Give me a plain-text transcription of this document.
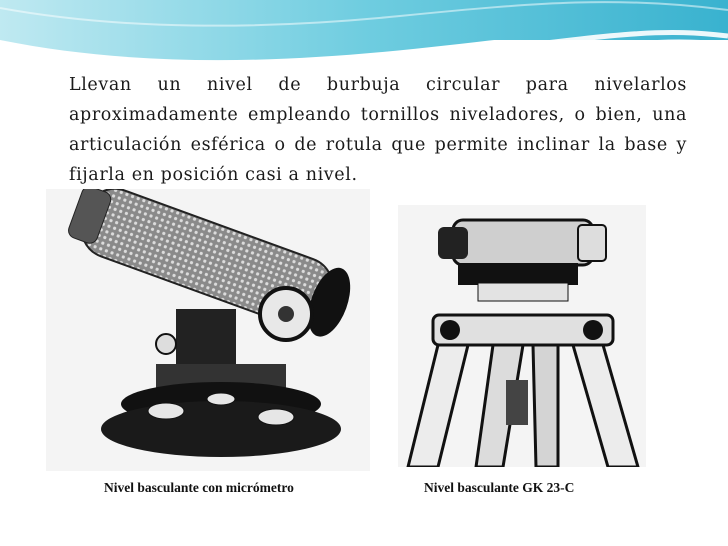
Llevan un nivel de burbuja circular para nivelarlos aproximadamente empleando tornillos niveladores, o bien, una articulación esférica o de rotula que permite inclinar la base y fijarla en posición casi a nivel.

Nivel basculante con micrómetro	Nivel basculante GK 23-C
